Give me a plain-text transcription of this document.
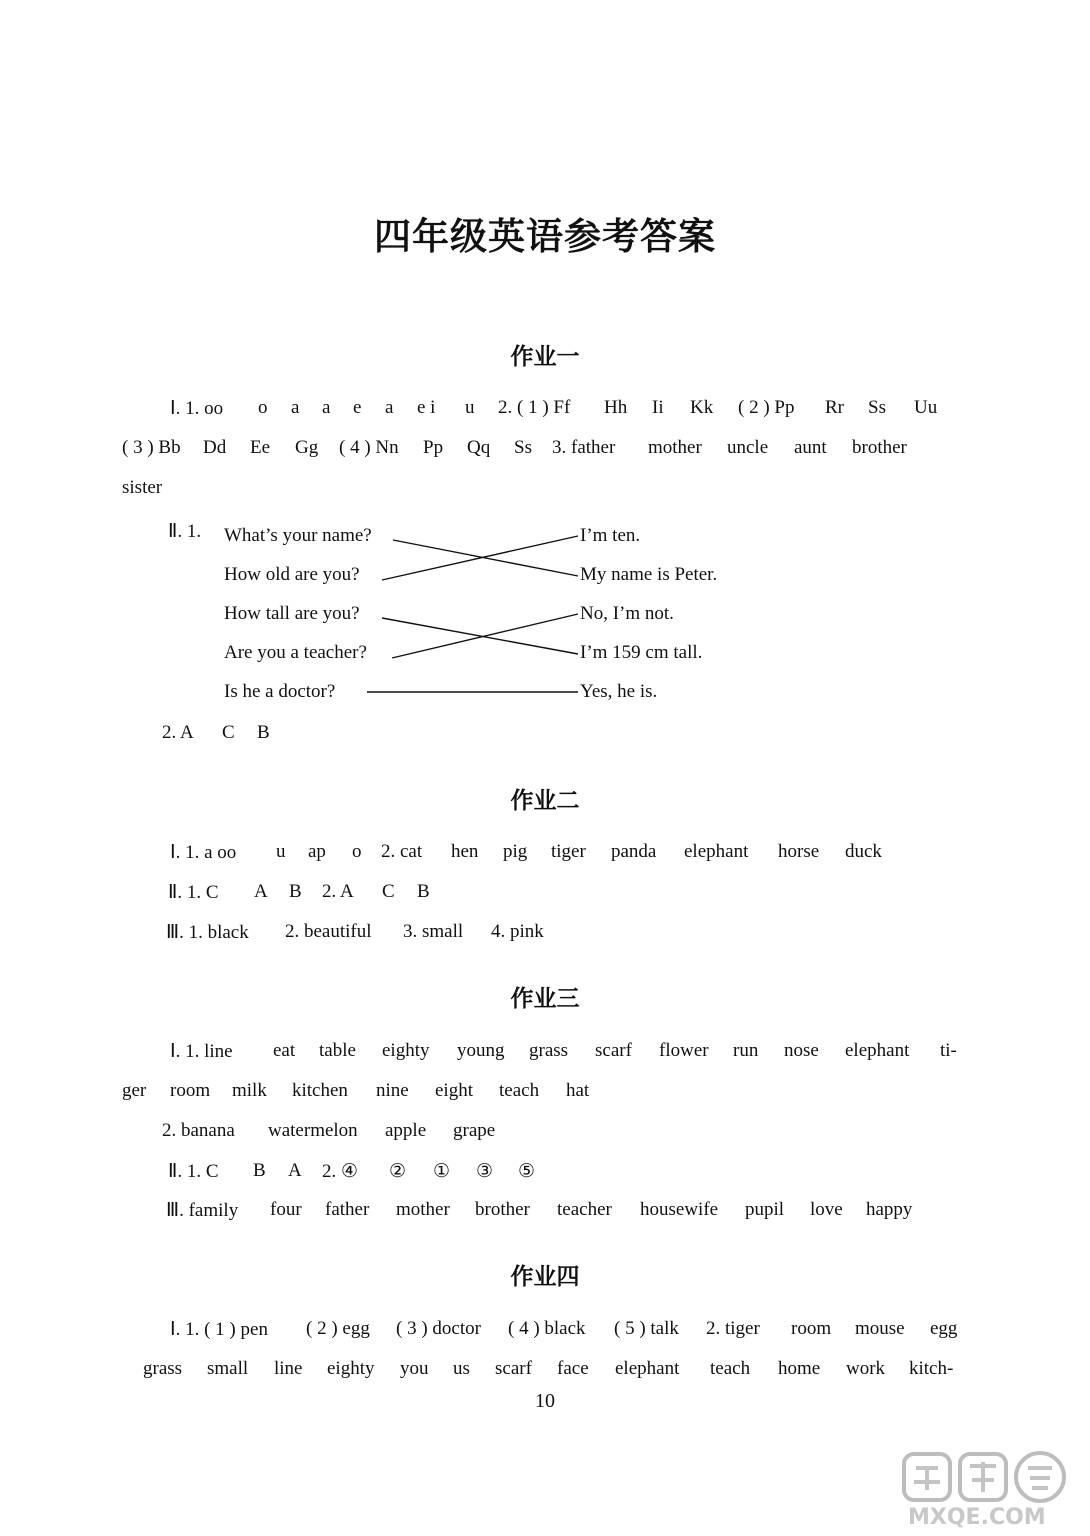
四年级英语参考答案
作业一
Ⅰ. 1. oo o a a e a e i u 2. ( 1 ) Ff Hh Ii Kk ( 2 ) Pp Rr Ss Uu
( 3 ) Bb Dd Ee Gg ( 4 ) Nn Pp Qq Ss 3. father mother uncle aunt brother
sister
Ⅱ. 1. What’s your name?
How old are you?
How tall are you?
Are you a teacher?
Is he a doctor?
I’m ten.
My name is Peter.
No, I’m not.
I’m 159 cm tall.
Yes, he is.
2. A C B
作业二
Ⅰ. 1. a oo u ap o 2. cat hen pig tiger panda elephant horse duck
Ⅱ. 1. C A B 2. A C B
Ⅲ. 1. black 2. beautiful 3. small 4. pink
作业三
Ⅰ. 1. line eat table eighty young grass scarf flower run nose elephant ti-
ger room milk kitchen nine eight teach hat
2. banana watermelon apple grape
Ⅱ. 1. C B A 2. ④ ② ① ③ ⑤
Ⅲ. family four father mother brother teacher housewife pupil love happy
作业四
Ⅰ. 1. ( 1 ) pen ( 2 ) egg ( 3 ) doctor ( 4 ) black ( 5 ) talk 2. tiger room mouse egg
grass small line eighty you us scarf face elephant teach home work kitch-
10
MXQE.COM
